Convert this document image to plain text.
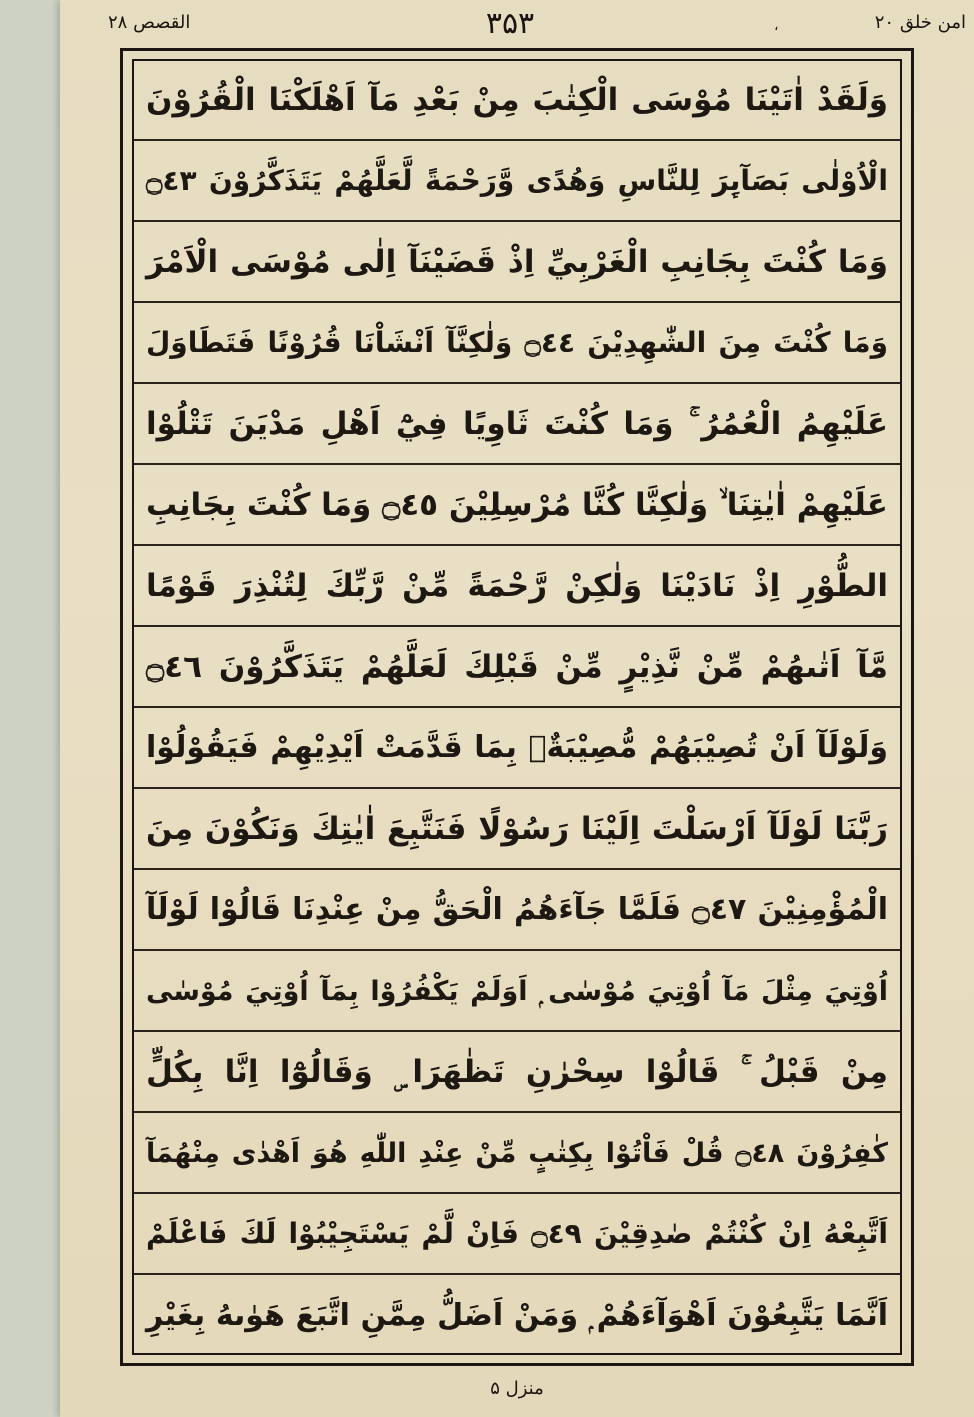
القصص ۲۸	۳۵۳	،	امن خلق ۲۰
وَلَقَدْ اٰتَيْنَا مُوْسَى الْكِتٰبَ مِنْ بَعْدِ مَآ اَهْلَكْنَا الْقُرُوْنَ
الْاُوْلٰى بَصَآىِٕرَ لِلنَّاسِ وَهُدًى وَّرَحْمَةً لَّعَلَّهُمْ يَتَذَكَّرُوْنَ ۝٤٣
وَمَا كُنْتَ بِجَانِبِ الْغَرْبِيِّ اِذْ قَضَيْنَآ اِلٰى مُوْسَى الْاَمْرَ
وَمَا كُنْتَ مِنَ الشّٰهِدِيْنَ ۝٤٤ وَلٰكِنَّآ اَنْشَاْنَا قُرُوْنًا فَتَطَاوَلَ
عَلَيْهِمُ الْعُمُرُ ۚ وَمَا كُنْتَ ثَاوِيًا فِيْٓ اَهْلِ مَدْيَنَ تَتْلُوْا
عَلَيْهِمْ اٰيٰتِنَا ۙ وَلٰكِنَّا كُنَّا مُرْسِلِيْنَ ۝٤٥ وَمَا كُنْتَ بِجَانِبِ
الطُّوْرِ اِذْ نَادَيْنَا وَلٰكِنْ رَّحْمَةً مِّنْ رَّبِّكَ لِتُنْذِرَ قَوْمًا
مَّآ اَتٰىهُمْ مِّنْ نَّذِيْرٍ مِّنْ قَبْلِكَ لَعَلَّهُمْ يَتَذَكَّرُوْنَ ۝٤٦
وَلَوْلَآ اَنْ تُصِيْبَهُمْ مُّصِيْبَةٌۢ بِمَا قَدَّمَتْ اَيْدِيْهِمْ فَيَقُوْلُوْا
رَبَّنَا لَوْلَآ اَرْسَلْتَ اِلَيْنَا رَسُوْلًا فَنَتَّبِعَ اٰيٰتِكَ وَنَكُوْنَ مِنَ
الْمُؤْمِنِيْنَ ۝٤٧ فَلَمَّا جَآءَهُمُ الْحَقُّ مِنْ عِنْدِنَا قَالُوْا لَوْلَآ
اُوْتِيَ مِثْلَ مَآ اُوْتِيَ مُوْسٰى ۭ اَوَلَمْ يَكْفُرُوْا بِمَآ اُوْتِيَ مُوْسٰى
مِنْ قَبْلُ ۚ قَالُوْا سِحْرٰنِ تَظٰهَرَا ۣ وَقَالُوْٓا اِنَّا بِكُلٍّ
كٰفِرُوْنَ ۝٤٨ قُلْ فَاْتُوْا بِكِتٰبٍ مِّنْ عِنْدِ اللّٰهِ هُوَ اَهْدٰى مِنْهُمَآ
اَتَّبِعْهُ اِنْ كُنْتُمْ صٰدِقِيْنَ ۝٤٩ فَاِنْ لَّمْ يَسْتَجِيْبُوْا لَكَ فَاعْلَمْ
اَنَّمَا يَتَّبِعُوْنَ اَهْوَآءَهُمْ ۭ وَمَنْ اَضَلُّ مِمَّنِ اتَّبَعَ هَوٰىهُ بِغَيْرِ
منزل ۵
